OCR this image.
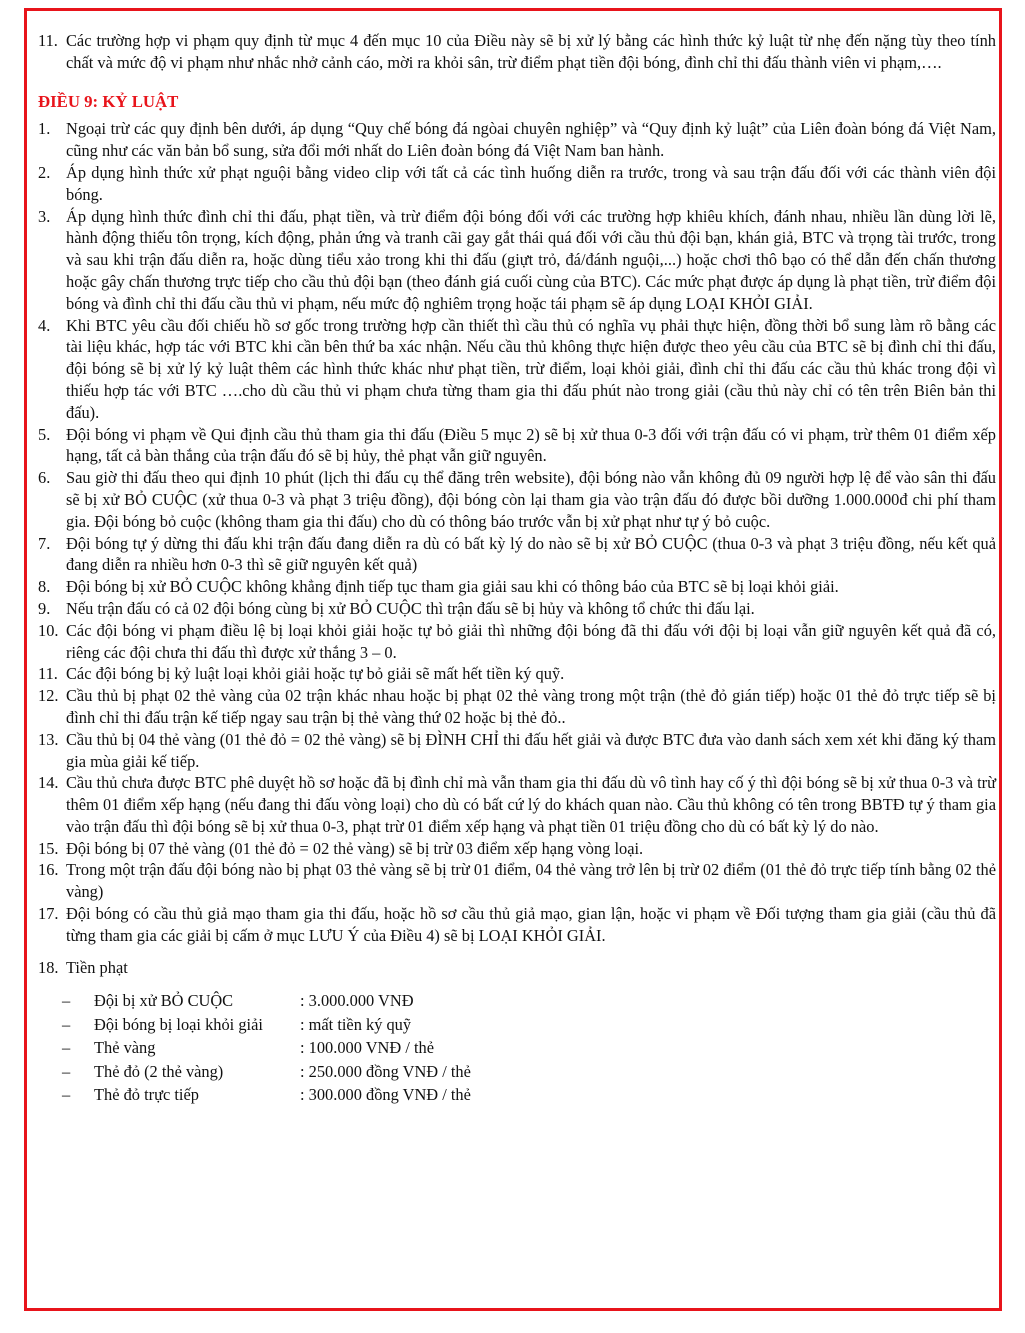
11. Các trường hợp vi phạm quy định từ mục 4 đến mục 10 của Điều này sẽ bị xử lý bằng các hình thức kỷ luật từ nhẹ đến nặng tùy theo tính chất và mức độ vi phạm như nhắc nhở cảnh cáo, mời ra khỏi sân, trừ điểm phạt tiền đội bóng, đình chỉ thi đấu thành viên vi phạm,….
ĐIỀU 9: KỶ LUẬT
1. Ngoại trừ các quy định bên dưới, áp dụng “Quy chế bóng đá ngòai chuyên nghiệp” và “Quy định kỷ luật” của Liên đoàn bóng đá Việt Nam, cũng như các văn bản bổ sung, sửa đổi mới nhất do Liên đoàn bóng đá Việt Nam ban hành.
2. Áp dụng hình thức xử phạt nguội bằng video clip với tất cả các tình huống diễn ra trước, trong và sau trận đấu đối với các thành viên đội bóng.
3. Áp dụng hình thức đình chỉ thi đấu, phạt tiền, và trừ điểm đội bóng đối với các trường hợp khiêu khích, đánh nhau, nhiều lần dùng lời lẽ, hành động thiếu tôn trọng, kích động, phản ứng và tranh cãi gay gắt thái quá đối với cầu thủ đội bạn, khán giả, BTC và trọng tài trước, trong và sau khi trận đấu diễn ra, hoặc dùng tiểu xảo trong khi thi đấu (giựt trỏ, đá/đánh nguội,...) hoặc chơi thô bạo có thể dẫn đến chấn thương hoặc gây chấn thương trực tiếp cho cầu thủ đội bạn (theo đánh giá cuối cùng của BTC). Các mức phạt được áp dụng là phạt tiền, trừ điểm đội bóng và đình chỉ thi đấu cầu thủ vi phạm, nếu mức độ nghiêm trọng hoặc tái phạm sẽ áp dụng LOẠI KHỎI GIẢI.
4. Khi BTC yêu cầu đối chiếu hồ sơ gốc trong trường hợp cần thiết thì cầu thủ có nghĩa vụ phải thực hiện, đồng thời bổ sung làm rõ bằng các tài liệu khác, hợp tác với BTC khi cần bên thứ ba xác nhận. Nếu cầu thủ không thực hiện được theo yêu cầu của BTC sẽ bị đình chỉ thi đấu, đội bóng sẽ bị xử lý kỷ luật thêm các hình thức khác như phạt tiền, trừ điểm, loại khỏi giải, đình chỉ thi đấu các cầu thủ khác trong đội vì thiếu hợp tác với BTC ….cho dù cầu thủ vi phạm chưa từng tham gia thi đấu phút nào trong giải (cầu thủ này chỉ có tên trên Biên bản thi đấu).
5. Đội bóng vi phạm về Qui định cầu thủ tham gia thi đấu (Điều 5 mục 2) sẽ bị xử thua 0-3 đối với trận đấu có vi phạm, trừ thêm 01 điểm xếp hạng, tất cả bàn thắng của trận đấu đó sẽ bị hủy, thẻ phạt vẫn giữ nguyên.
6. Sau giờ thi đấu theo qui định 10 phút (lịch thi đấu cụ thể đăng trên website), đội bóng nào vẫn không đủ 09 người hợp lệ để vào sân thi đấu sẽ bị xử BỎ CUỘC (xử thua 0-3 và phạt 3 triệu đồng), đội bóng còn lại tham gia vào trận đấu đó được bồi dưỡng 1.000.000đ chi phí tham gia. Đội bóng bỏ cuộc (không tham gia thi đấu) cho dù có thông báo trước vẫn bị xử phạt như tự ý bỏ cuộc.
7. Đội bóng tự ý dừng thi đấu khi trận đấu đang diễn ra dù có bất kỳ lý do nào sẽ bị xử BỎ CUỘC (thua 0-3 và phạt 3 triệu đồng, nếu kết quả đang diễn ra nhiều hơn 0-3 thì sẽ giữ nguyên kết quả)
8. Đội bóng bị xử BỎ CUỘC không khẳng định tiếp tục tham gia giải sau khi có thông báo của BTC sẽ bị loại khỏi giải.
9. Nếu trận đấu có cả 02 đội bóng cùng bị xử BỎ CUỘC thì trận đấu sẽ bị hủy và không tổ chức thi đấu lại.
10. Các đội bóng vi phạm điều lệ bị loại khỏi giải hoặc tự bỏ giải thì những đội bóng đã thi đấu với đội bị loại vẫn giữ nguyên kết quả đã có, riêng các đội chưa thi đấu thì được xử thắng 3 – 0.
11. Các đội bóng bị kỷ luật loại khỏi giải hoặc tự bỏ giải sẽ mất hết tiền ký quỹ.
12. Cầu thủ bị phạt 02 thẻ vàng của 02 trận khác nhau hoặc bị phạt 02 thẻ vàng trong một trận (thẻ đỏ gián tiếp) hoặc 01 thẻ đỏ trực tiếp sẽ bị đình chỉ thi đấu trận kế tiếp ngay sau trận bị thẻ vàng thứ 02 hoặc bị thẻ đỏ..
13. Cầu thủ bị 04 thẻ vàng (01 thẻ đỏ = 02 thẻ vàng) sẽ bị ĐÌNH CHỈ thi đấu hết giải và được BTC đưa vào danh sách xem xét khi đăng ký tham gia mùa giải kế tiếp.
14. Cầu thủ chưa được BTC phê duyệt hồ sơ hoặc đã bị đình chỉ mà vẫn tham gia thi đấu dù vô tình hay cố ý thì đội bóng sẽ bị xử thua 0-3 và trừ thêm 01 điểm xếp hạng (nếu đang thi đấu vòng loại) cho dù có bất cứ lý do khách quan nào. Cầu thủ không có tên trong BBTĐ tự ý tham gia vào trận đấu thì đội bóng sẽ bị xử thua 0-3, phạt trừ 01 điểm xếp hạng và phạt tiền 01 triệu đồng cho dù có bất kỳ lý do nào.
15. Đội bóng bị 07 thẻ vàng (01 thẻ đỏ = 02 thẻ vàng) sẽ bị trừ 03 điểm xếp hạng vòng loại.
16. Trong một trận đấu đội bóng nào bị phạt 03 thẻ vàng sẽ bị trừ 01 điểm, 04 thẻ vàng trở lên bị trừ 02 điểm (01 thẻ đỏ trực tiếp tính bằng 02 thẻ vàng)
17. Đội bóng có cầu thủ giả mạo tham gia thi đấu, hoặc hồ sơ cầu thủ giả mạo, gian lận, hoặc vi phạm về Đối tượng tham gia giải (cầu thủ đã từng tham gia các giải bị cấm ở mục LƯU Ý của Điều 4) sẽ bị LOẠI KHỎI GIẢI.
18. Tiền phạt
–	Đội bị xử BỎ CUỘC	: 3.000.000 VNĐ
–	Đội bóng bị loại khỏi giải	: mất tiền ký quỹ
–	Thẻ vàng	: 100.000 VNĐ / thẻ
–	Thẻ đỏ (2 thẻ vàng)	: 250.000 đồng VNĐ / thẻ
–	Thẻ đỏ trực tiếp	: 300.000 đồng VNĐ / thẻ
